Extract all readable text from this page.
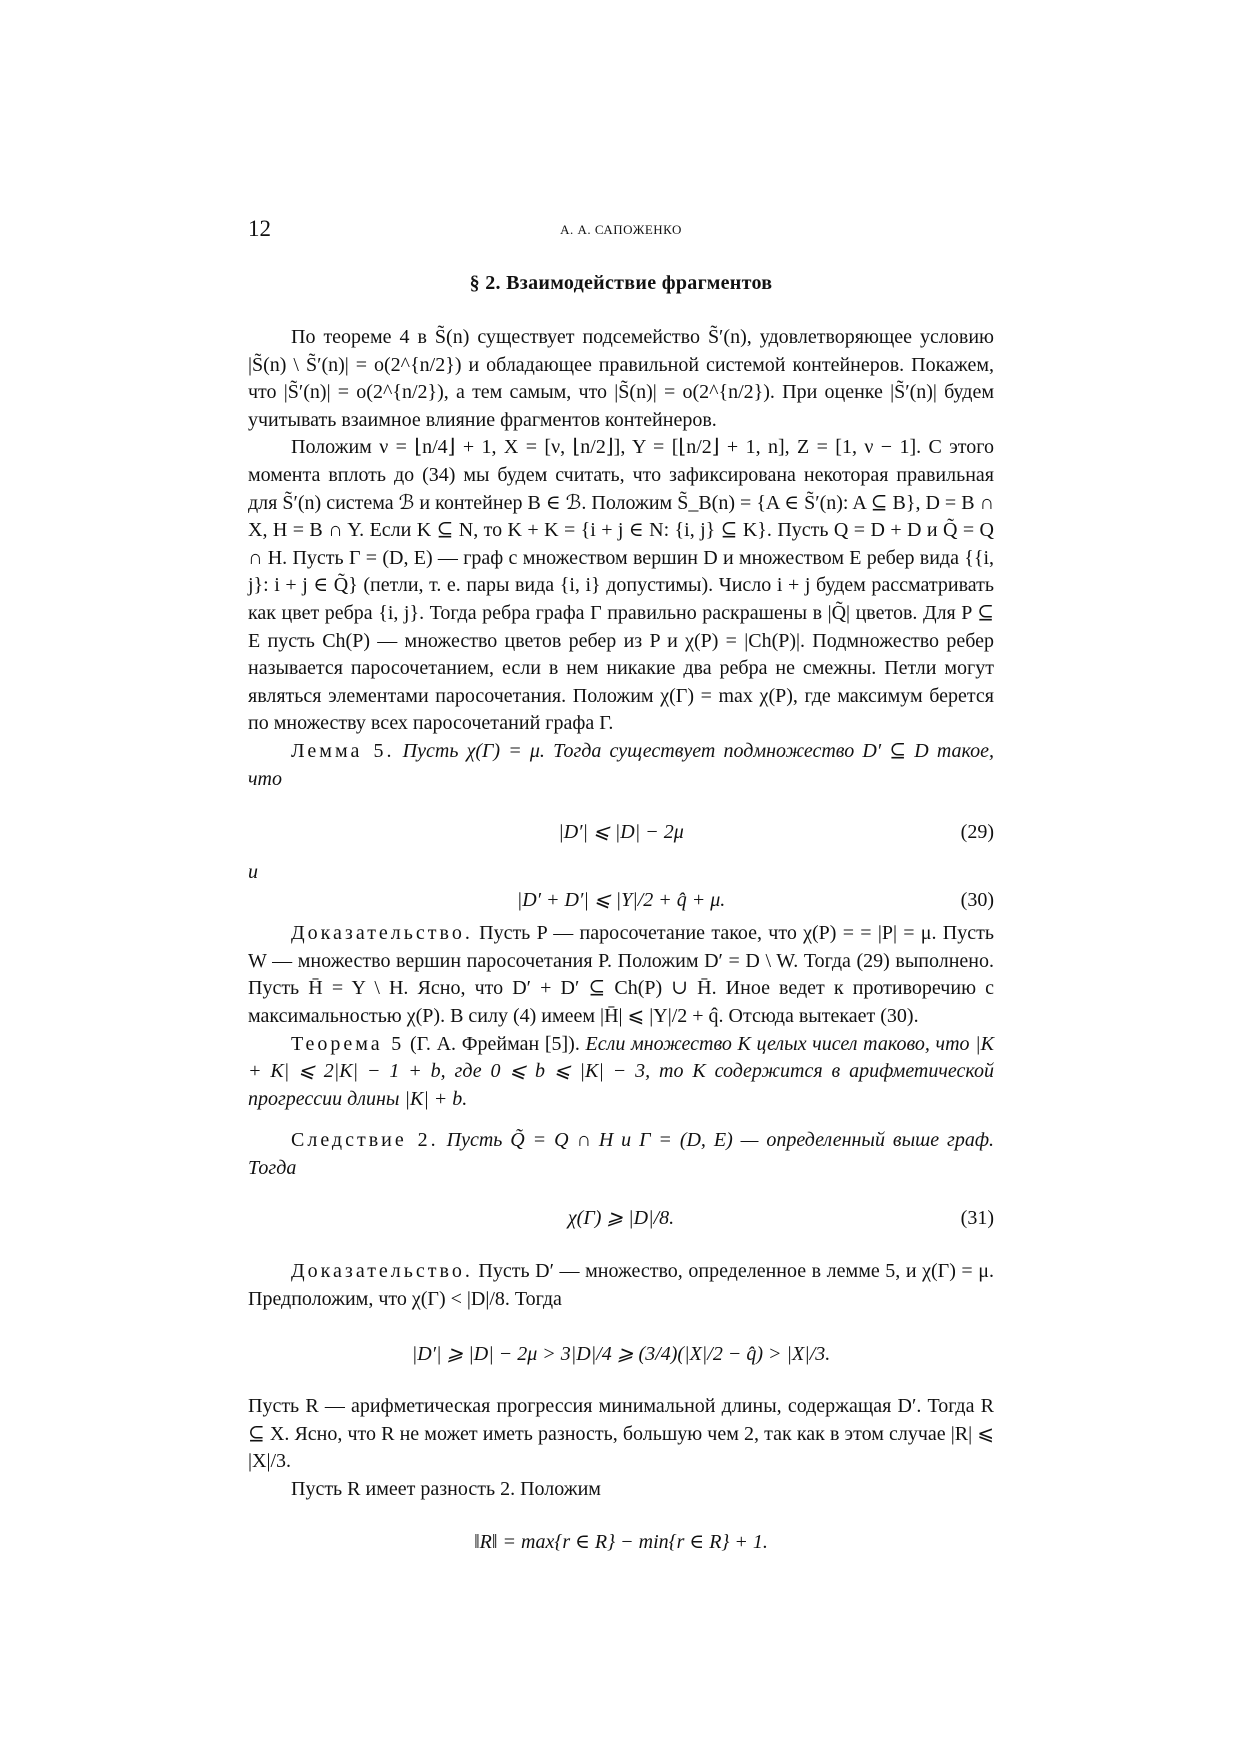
12	А. А. САПОЖЕНКО
§ 2. Взаимодействие фрагментов

По теореме 4 в S̃(n) существует подсемейство S̃′(n), удовлетворяющее условию |S̃(n) \ S̃′(n)| = o(2^{n/2}) и обладающее правильной системой контейнеров. Покажем, что |S̃′(n)| = o(2^{n/2}), а тем самым, что |S̃(n)| = o(2^{n/2}). При оценке |S̃′(n)| будем учитывать взаимное влияние фрагментов контейнеров.

Положим ν = ⌊n/4⌋ + 1, X = [ν, ⌊n/2⌋], Y = [⌊n/2⌋ + 1, n], Z = [1, ν − 1]. С этого момента вплоть до (34) мы будем считать, что зафиксирована некоторая правильная для S̃′(n) система ℬ и контейнер B ∈ ℬ. Положим S̃_B(n) = {A ∈ S̃′(n): A ⊆ B}, D = B ∩ X, H = B ∩ Y. Если K ⊆ N, то K + K = {i + j ∈ N: {i, j} ⊆ K}. Пусть Q = D + D и Q̃ = Q ∩ H. Пусть Γ = (D, E) — граф с множеством вершин D и множеством E ребер вида {{i, j}: i + j ∈ Q̃} (петли, т. е. пары вида {i, i} допустимы). Число i + j будем рассматривать как цвет ребра {i, j}. Тогда ребра графа Γ правильно раскрашены в |Q̃| цветов. Для P ⊆ E пусть Ch(P) — множество цветов ребер из P и χ(P) = |Ch(P)|. Подмножество ребер называется паросочетанием, если в нем никакие два ребра не смежны. Петли могут являться элементами паросочетания. Положим χ(Γ) = max χ(P), где максимум берется по множеству всех паросочетаний графа Γ.

Лемма 5. Пусть χ(Γ) = μ. Тогда существует подмножество D′ ⊆ D такое, что

|D′| ⩽ |D| − 2μ	(29)

и

|D′ + D′| ⩽ |Y|/2 + q̂ + μ.	(30)

Доказательство. Пусть P — паросочетание такое, что χ(P) = = |P| = μ. Пусть W — множество вершин паросочетания P. Положим D′ = D \ W. Тогда (29) выполнено. Пусть H̄ = Y \ H. Ясно, что D′ + D′ ⊆ Ch(P) ∪ H̄. Иное ведет к противоречию с максимальностью χ(P). В силу (4) имеем |H̄| ⩽ |Y|/2 + q̂. Отсюда вытекает (30).

Теорема 5 (Г. А. Фрейман [5]). Если множество K целых чисел таково, что |K + K| ⩽ 2|K| − 1 + b, где 0 ⩽ b ⩽ |K| − 3, то K содержится в арифметической прогрессии длины |K| + b.

Следствие 2. Пусть Q̃ = Q ∩ H и Γ = (D, E) — определенный выше граф. Тогда

χ(Γ) ⩾ |D|/8.	(31)

Доказательство. Пусть D′ — множество, определенное в лемме 5, и χ(Γ) = μ. Предположим, что χ(Γ) < |D|/8. Тогда

|D′| ⩾ |D| − 2μ > 3|D|/4 ⩾ (3/4)(|X|/2 − q̂) > |X|/3.

Пусть R — арифметическая прогрессия минимальной длины, содержащая D′. Тогда R ⊆ X. Ясно, что R не может иметь разность, большую чем 2, так как в этом случае |R| ⩽ |X|/3.

Пусть R имеет разность 2. Положим

‖R‖ = max{r ∈ R} − min{r ∈ R} + 1.
